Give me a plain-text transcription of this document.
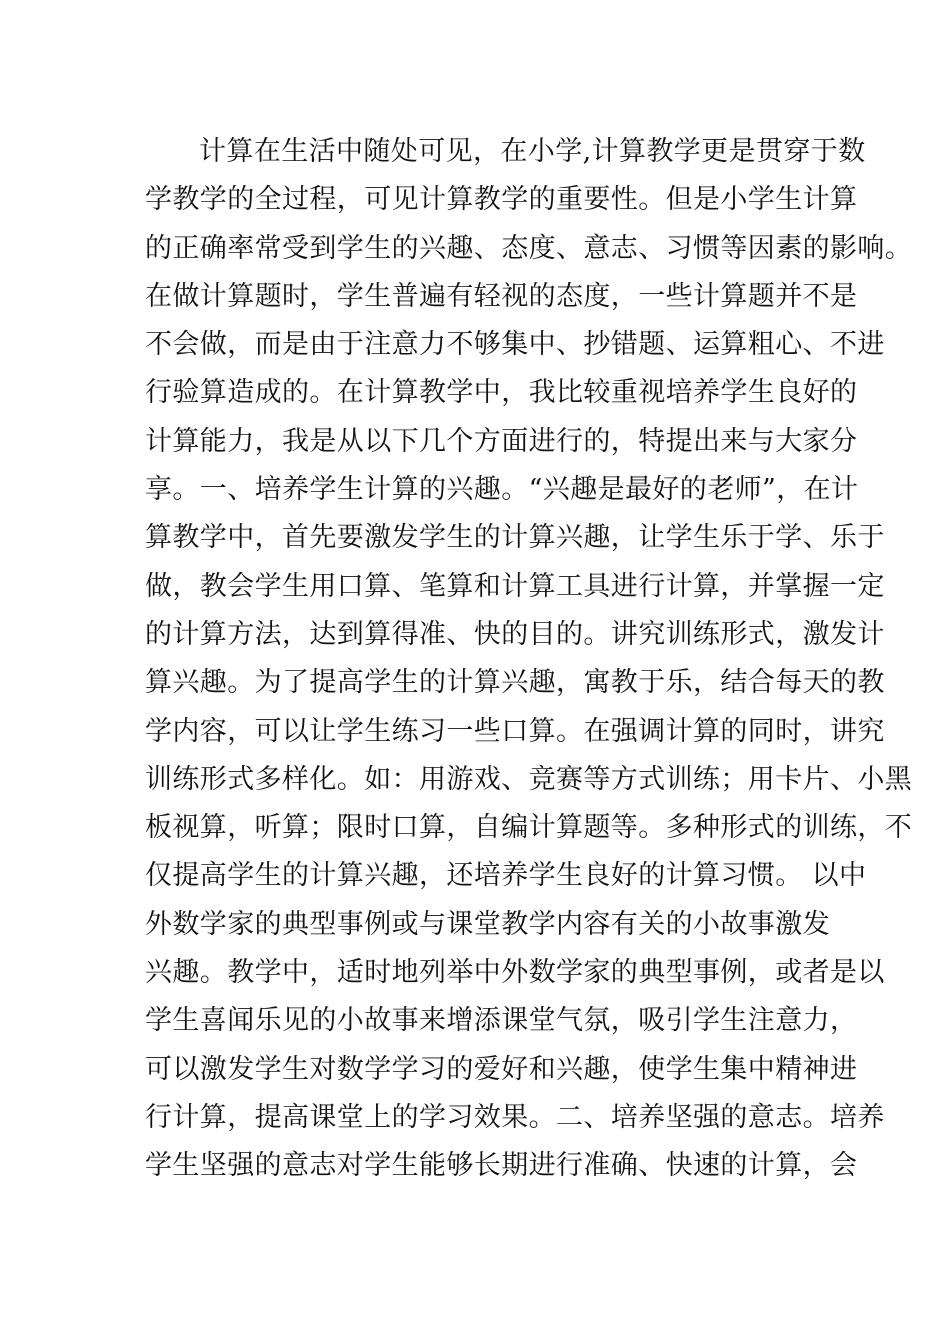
计算在生活中随处可见，在小学,计算教学更是贯穿于数
学教学的全过程，可见计算教学的重要性。但是小学生计算
的正确率常受到学生的兴趣、态度、意志、习惯等因素的影响。
在做计算题时，学生普遍有轻视的态度，一些计算题并不是
不会做，而是由于注意力不够集中、抄错题、运算粗心、不进
行验算造成的。在计算教学中，我比较重视培养学生良好的
计算能力，我是从以下几个方面进行的，特提出来与大家分
享。一、培养学生计算的兴趣。“兴趣是最好的老师”，在计
算教学中，首先要激发学生的计算兴趣，让学生乐于学、乐于
做，教会学生用口算、笔算和计算工具进行计算，并掌握一定
的计算方法，达到算得准、快的目的。讲究训练形式，激发计
算兴趣。为了提高学生的计算兴趣，寓教于乐，结合每天的教
学内容，可以让学生练习一些口算。在强调计算的同时，讲究
训练形式多样化。如：用游戏、竞赛等方式训练；用卡片、小黑
板视算，听算；限时口算，自编计算题等。多种形式的训练，不
仅提高学生的计算兴趣，还培养学生良好的计算习惯。 以中
外数学家的典型事例或与课堂教学内容有关的小故事激发
兴趣。教学中，适时地列举中外数学家的典型事例，或者是以
学生喜闻乐见的小故事来增添课堂气氛，吸引学生注意力，
可以激发学生对数学学习的爱好和兴趣，使学生集中精神进
行计算，提高课堂上的学习效果。二、培养坚强的意志。培养
学生坚强的意志对学生能够长期进行准确、快速的计算，会
